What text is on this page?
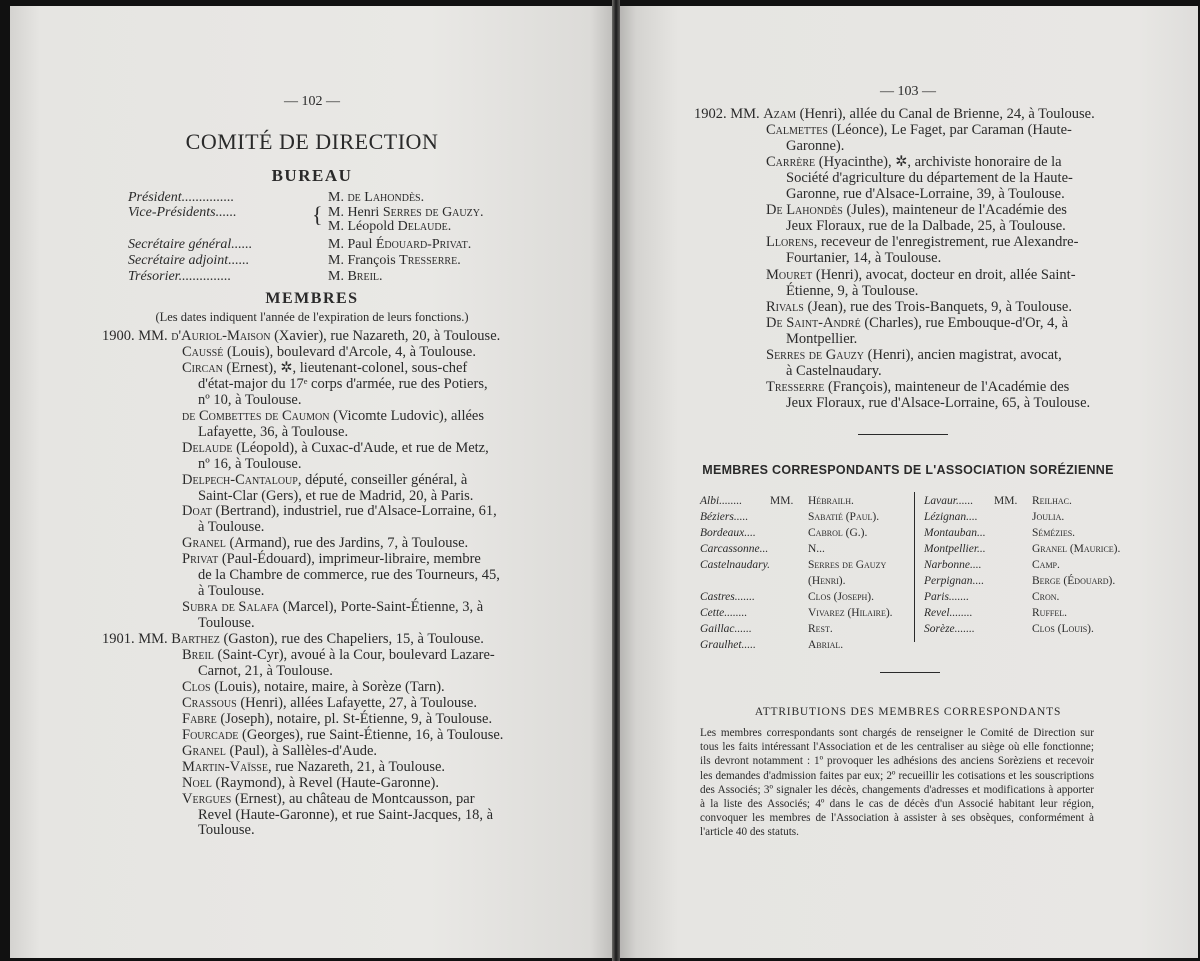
— 102 —
COMITÉ DE DIRECTION
BUREAU
Président...............	M. de Lahondès.
Vice-Présidents......	M. Henri Serres de Gauzy.
M. Léopold Delaude.
Secrétaire général......	M. Paul Édouard-Privat.
Secrétaire adjoint......	M. François Tresserre.
Trésorier...............	M. Breil.
{
MEMBRES
(Les dates indiquent l'année de l'expiration de leurs fonctions.)
1900. MM. d'Auriol-Maison (Xavier), rue Nazareth, 20, à Toulouse.
Caussé (Louis), boulevard d'Arcole, 4, à Toulouse.
Circan (Ernest), ✲, lieutenant-colonel, sous-chef
d'état-major du 17ᵉ corps d'armée, rue des Potiers,
nº 10, à Toulouse.
de Combettes de Caumon (Vicomte Ludovic), allées
Lafayette, 36, à Toulouse.
Delaude (Léopold), à Cuxac-d'Aude, et rue de Metz,
nº 16, à Toulouse.
Delpech-Cantaloup, député, conseiller général, à
Saint-Clar (Gers), et rue de Madrid, 20, à Paris.
Doat (Bertrand), industriel, rue d'Alsace-Lorraine, 61,
à Toulouse.
Granel (Armand), rue des Jardins, 7, à Toulouse.
Privat (Paul-Édouard), imprimeur-libraire, membre
de la Chambre de commerce, rue des Tourneurs, 45,
à Toulouse.
Subra de Salafa (Marcel), Porte-Saint-Étienne, 3, à
Toulouse.
1901. MM. Barthez (Gaston), rue des Chapeliers, 15, à Toulouse.
Breil (Saint-Cyr), avoué à la Cour, boulevard Lazare-
Carnot, 21, à Toulouse.
Clos (Louis), notaire, maire, à Sorèze (Tarn).
Crassous (Henri), allées Lafayette, 27, à Toulouse.
Fabre (Joseph), notaire, pl. St-Étienne, 9, à Toulouse.
Fourcade (Georges), rue Saint-Étienne, 16, à Toulouse.
Granel (Paul), à Sallèles-d'Aude.
Martin-Vaïsse, rue Nazareth, 21, à Toulouse.
Noel (Raymond), à Revel (Haute-Garonne).
Vergues (Ernest), au château de Montcausson, par
Revel (Haute-Garonne), et rue Saint-Jacques, 18, à
Toulouse.
— 103 —
1902. MM. Azam (Henri), allée du Canal de Brienne, 24, à Toulouse.
Calmettes (Léonce), Le Faget, par Caraman (Haute-
Garonne).
Carrère (Hyacinthe), ✲, archiviste honoraire de la
Société d'agriculture du département de la Haute-
Garonne, rue d'Alsace-Lorraine, 39, à Toulouse.
De Lahondès (Jules), mainteneur de l'Académie des
Jeux Floraux, rue de la Dalbade, 25, à Toulouse.
Llorens, receveur de l'enregistrement, rue Alexandre-
Fourtanier, 14, à Toulouse.
Mouret (Henri), avocat, docteur en droit, allée Saint-
Étienne, 9, à Toulouse.
Rivals (Jean), rue des Trois-Banquets, 9, à Toulouse.
De Saint-André (Charles), rue Embouque-d'Or, 4, à
Montpellier.
Serres de Gauzy (Henri), ancien magistrat, avocat,
à Castelnaudary.
Tresserre (François), mainteneur de l'Académie des
Jeux Floraux, rue d'Alsace-Lorraine, 65, à Toulouse.
MEMBRES CORRESPONDANTS DE L'ASSOCIATION SORÉZIENNE
Albi........ MM. Hébrailh.
Béziers.....	Sabatié (Paul).
Bordeaux....	Cabrol (G.).
Carcassonne...	N...
Castelnaudary.	Serres de Gauzy
(Henri).
Castres.......	Clos (Joseph).
Cette........	Vivarez (Hilaire).
Gaillac......	Rest.
Graulhet.....	Abrial.
Lavaur...... MM. Reilhac.
Lézignan....	Joulia.
Montauban...	Sémézies.
Montpellier...	Granel (Maurice).
Narbonne....	Camp.
Perpignan....	Berge (Édouard).
Paris.......	Cron.
Revel........	Ruffel.
Sorèze.......	Clos (Louis).
ATTRIBUTIONS DES MEMBRES CORRESPONDANTS
Les membres correspondants sont chargés de renseigner le Comité de Direction sur tous les faits intéressant l'Association et de les centraliser au siège où elle fonctionne; ils devront notamment : 1º provoquer les adhésions des anciens Sorèziens et recevoir les demandes d'admission faites par eux; 2º recueillir les cotisations et les souscriptions des Associés; 3º signaler les décès, changements d'adresses et modifications à apporter à la liste des Associés; 4º dans le cas de décès d'un Associé habitant leur région, convoquer les membres de l'Association à assister à ses obsèques, conformément à l'article 40 des statuts.
